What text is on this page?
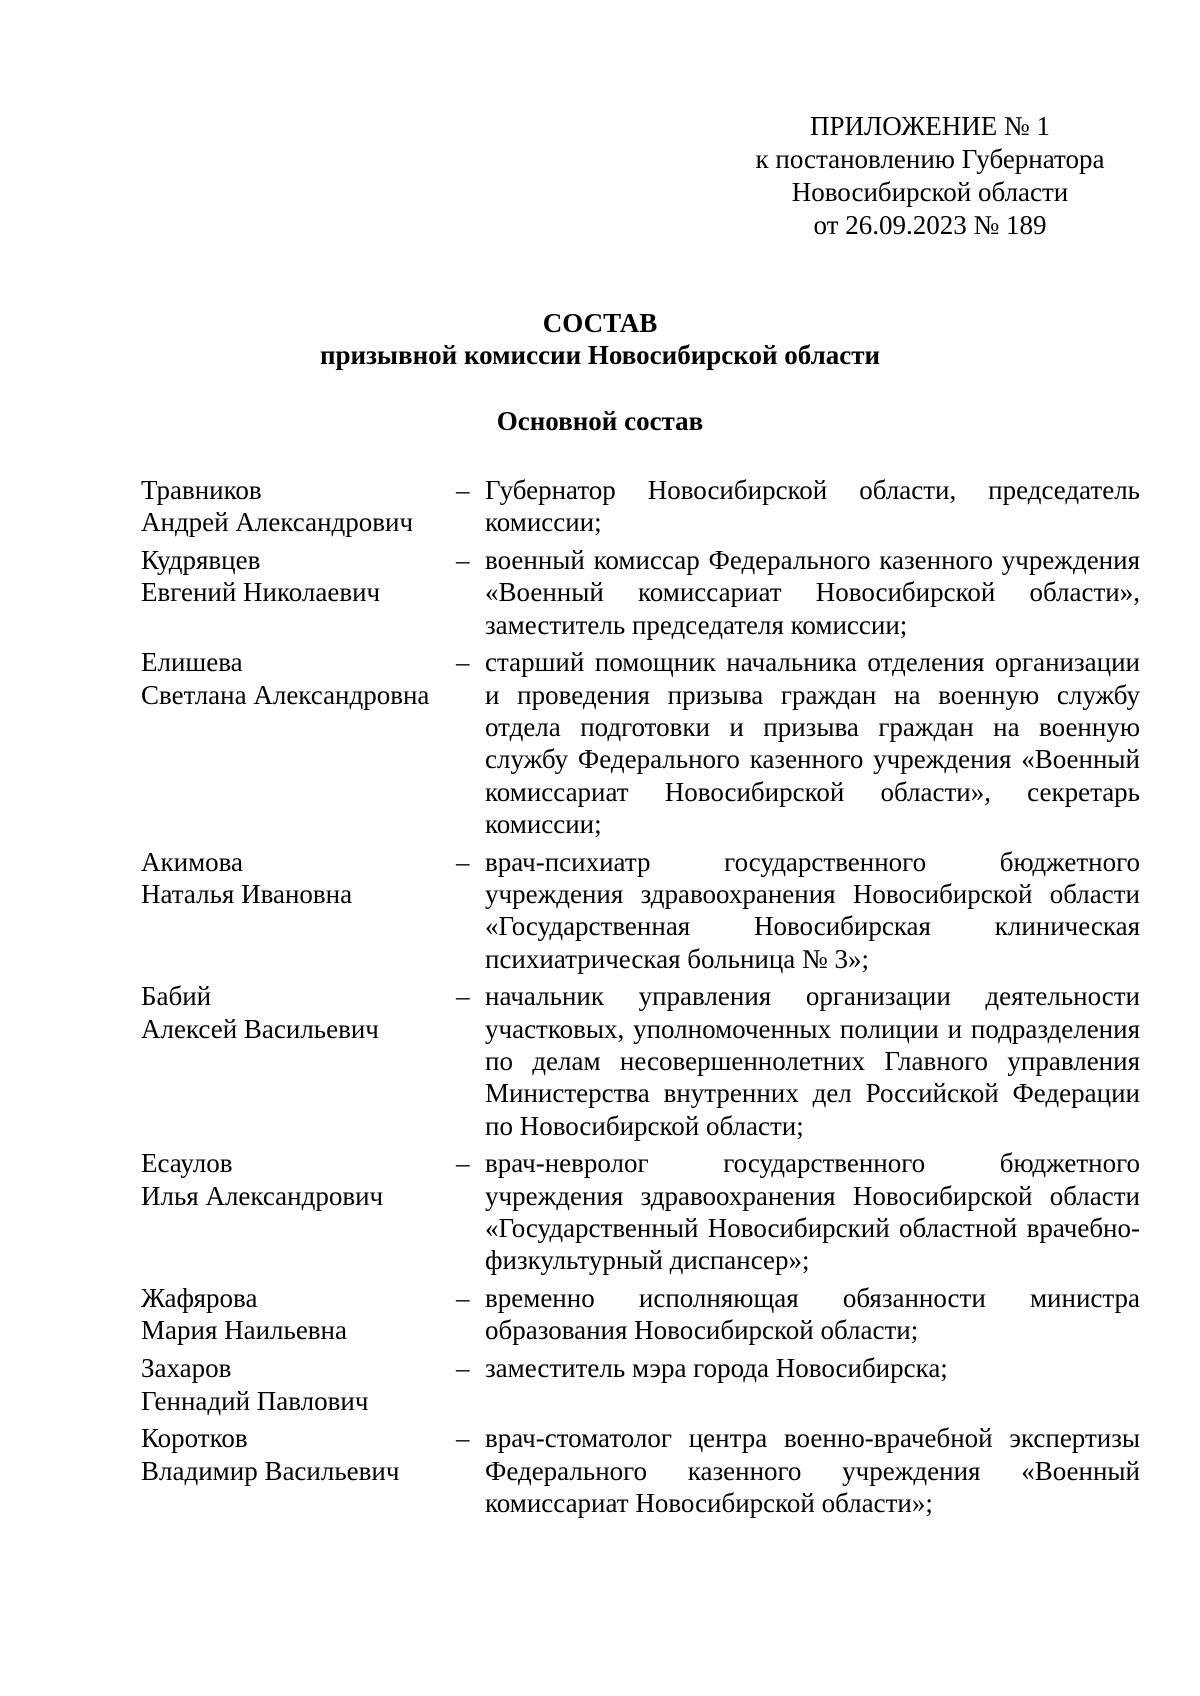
ПРИЛОЖЕНИЕ № 1
к постановлению Губернатора
Новосибирской области
от 26.09.2023 № 189
СОСТАВ
призывной комиссии Новосибирской области
Основной состав
Травников
Андрей Александрович
– Губернатор Новосибирской области, председатель комиссии;
Кудрявцев
Евгений Николаевич
– военный комиссар Федерального казенного учреждения «Военный комиссариат Новосибирской области», заместитель председателя комиссии;
Елишева
Светлана Александровна
– старший помощник начальника отделения организации и проведения призыва граждан на военную службу отдела подготовки и призыва граждан на военную службу Федерального казенного учреждения «Военный комиссариат Новосибирской области», секретарь комиссии;
Акимова
Наталья Ивановна
– врач-психиатр государственного бюджетного учреждения здравоохранения Новосибирской области «Государственная Новосибирская клиническая психиатрическая больница № 3»;
Бабий
Алексей Васильевич
– начальник управления организации деятельности участковых, уполномоченных полиции и подразделения по делам несовершеннолетних Главного управления Министерства внутренних дел Российской Федерации по Новосибирской области;
Есаулов
Илья Александрович
– врач-невролог государственного бюджетного учреждения здравоохранения Новосибирской области «Государственный Новосибирский областной врачебно-физкультурный диспансер»;
Жафярова
Мария Наильевна
– временно исполняющая обязанности министра образования Новосибирской области;
Захаров
Геннадий Павлович
– заместитель мэра города Новосибирска;
Коротков
Владимир Васильевич
– врач-стоматолог центра военно-врачебной экспертизы Федерального казенного учреждения «Военный комиссариат Новосибирской области»;
